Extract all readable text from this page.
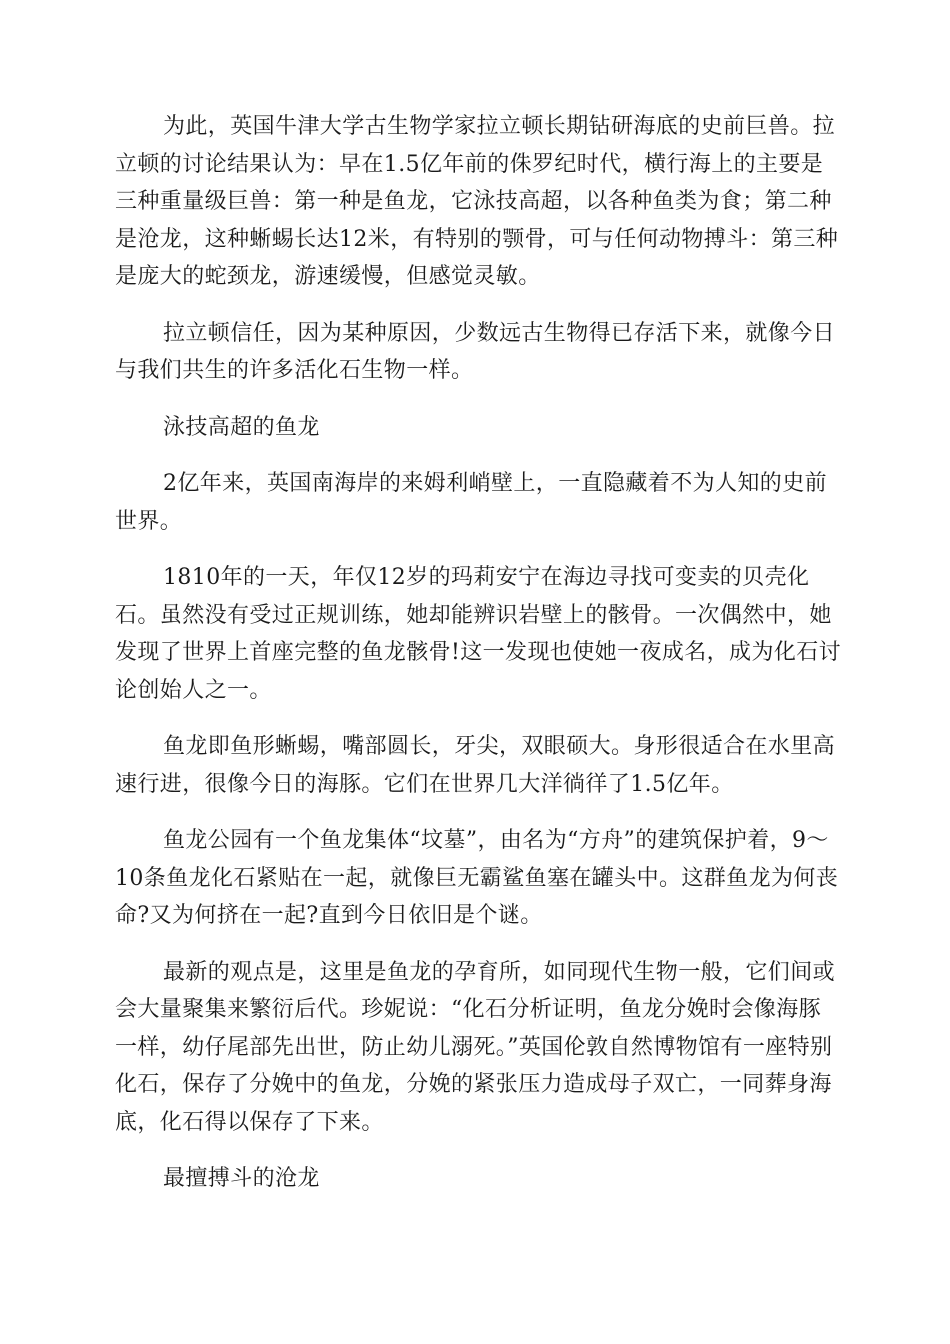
为此，英国牛津大学古生物学家拉立顿长期钻研海底的史前巨兽。拉立顿的讨论结果认为：早在1.5亿年前的侏罗纪时代，横行海上的主要是三种重量级巨兽：第一种是鱼龙，它泳技高超，以各种鱼类为食；第二种是沧龙，这种蜥蜴长达12米，有特别的颚骨，可与任何动物搏斗：第三种是庞大的蛇颈龙，游速缓慢，但感觉灵敏。

拉立顿信任，因为某种原因，少数远古生物得已存活下来，就像今日与我们共生的许多活化石生物一样。

泳技高超的鱼龙

2亿年来，英国南海岸的来姆利峭壁上，一直隐藏着不为人知的史前世界。

1810年的一天，年仅12岁的玛莉安宁在海边寻找可变卖的贝壳化石。虽然没有受过正规训练，她却能辨识岩壁上的骸骨。一次偶然中，她发现了世界上首座完整的鱼龙骸骨!这一发现也使她一夜成名，成为化石讨论创始人之一。

鱼龙即鱼形蜥蜴，嘴部圆长，牙尖，双眼硕大。身形很适合在水里高速行进，很像今日的海豚。它们在世界几大洋徜徉了1.5亿年。

鱼龙公园有一个鱼龙集体“坟墓”，由名为“方舟”的建筑保护着，9～10条鱼龙化石紧贴在一起，就像巨无霸鲨鱼塞在罐头中。这群鱼龙为何丧命?又为何挤在一起?直到今日依旧是个谜。

最新的观点是，这里是鱼龙的孕育所，如同现代生物一般，它们间或会大量聚集来繁衍后代。珍妮说：“化石分析证明，鱼龙分娩时会像海豚一样，幼仔尾部先出世，防止幼儿溺死。”英国伦敦自然博物馆有一座特别化石，保存了分娩中的鱼龙，分娩的紧张压力造成母子双亡，一同葬身海底，化石得以保存了下来。

最擅搏斗的沧龙
